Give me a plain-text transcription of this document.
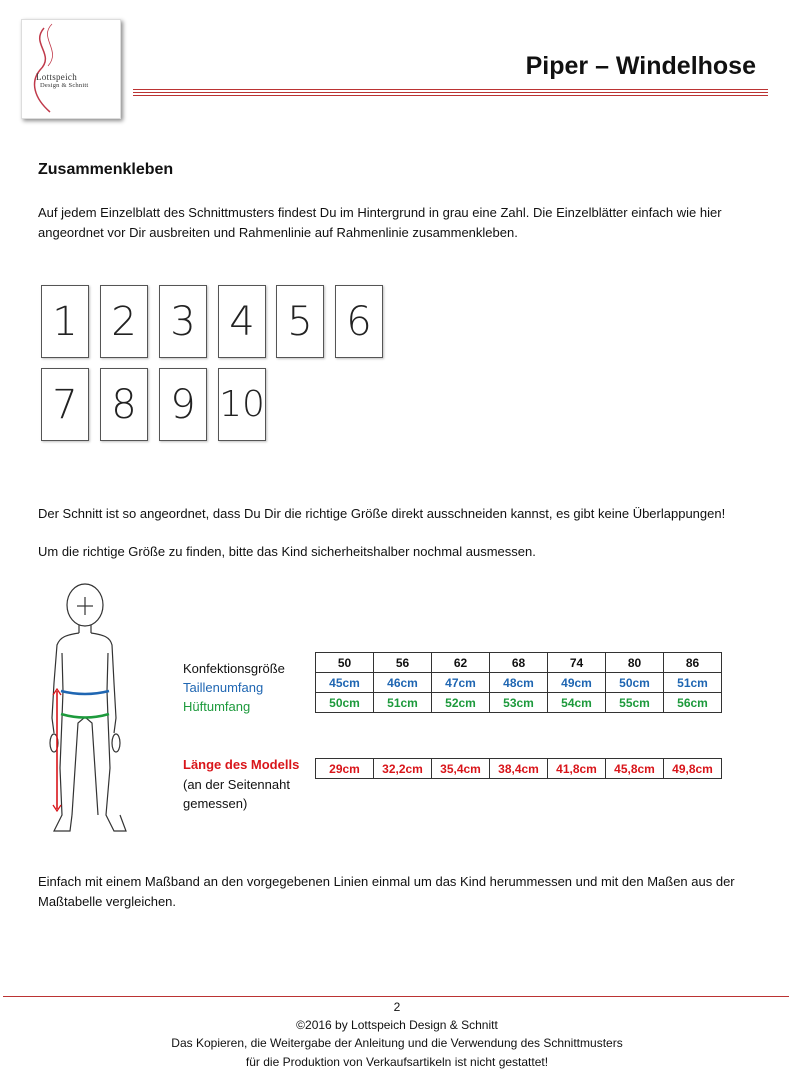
Lottspeich
Design & Schnitt
Piper – Windelhose
Zusammenkleben
Auf jedem Einzelblatt des Schnittmusters findest Du im Hintergrund in grau eine Zahl. Die Einzelblätter einfach wie hier angeordnet vor Dir ausbreiten und Rahmenlinie auf Rahmenlinie zusammenkleben.
1 2 3 4 5 6
7 8 9 10
Der Schnitt ist so angeordnet, dass Du Dir die richtige Größe direkt ausschneiden kannst, es gibt keine Überlappungen!
Um die richtige Größe zu finden, bitte das Kind sicherheitshalber nochmal ausmessen.
Konfektionsgröße
Taillenumfang
Hüftumfang
50	56	62	68	74	80	86
45cm	46cm	47cm	48cm	49cm	50cm	51cm
50cm	51cm	52cm	53cm	54cm	55cm	56cm
Länge des Modells
(an der Seitennaht
gemessen)
29cm	32,2cm	35,4cm	38,4cm	41,8cm	45,8cm	49,8cm
Einfach mit einem Maßband an den vorgegebenen Linien einmal um das Kind herummessen und mit den Maßen aus der Maßtabelle vergleichen.
2
©2016 by Lottspeich Design & Schnitt
Das Kopieren, die Weitergabe der Anleitung und die Verwendung des Schnittmusters
für die Produktion von Verkaufsartikeln ist nicht gestattet!
